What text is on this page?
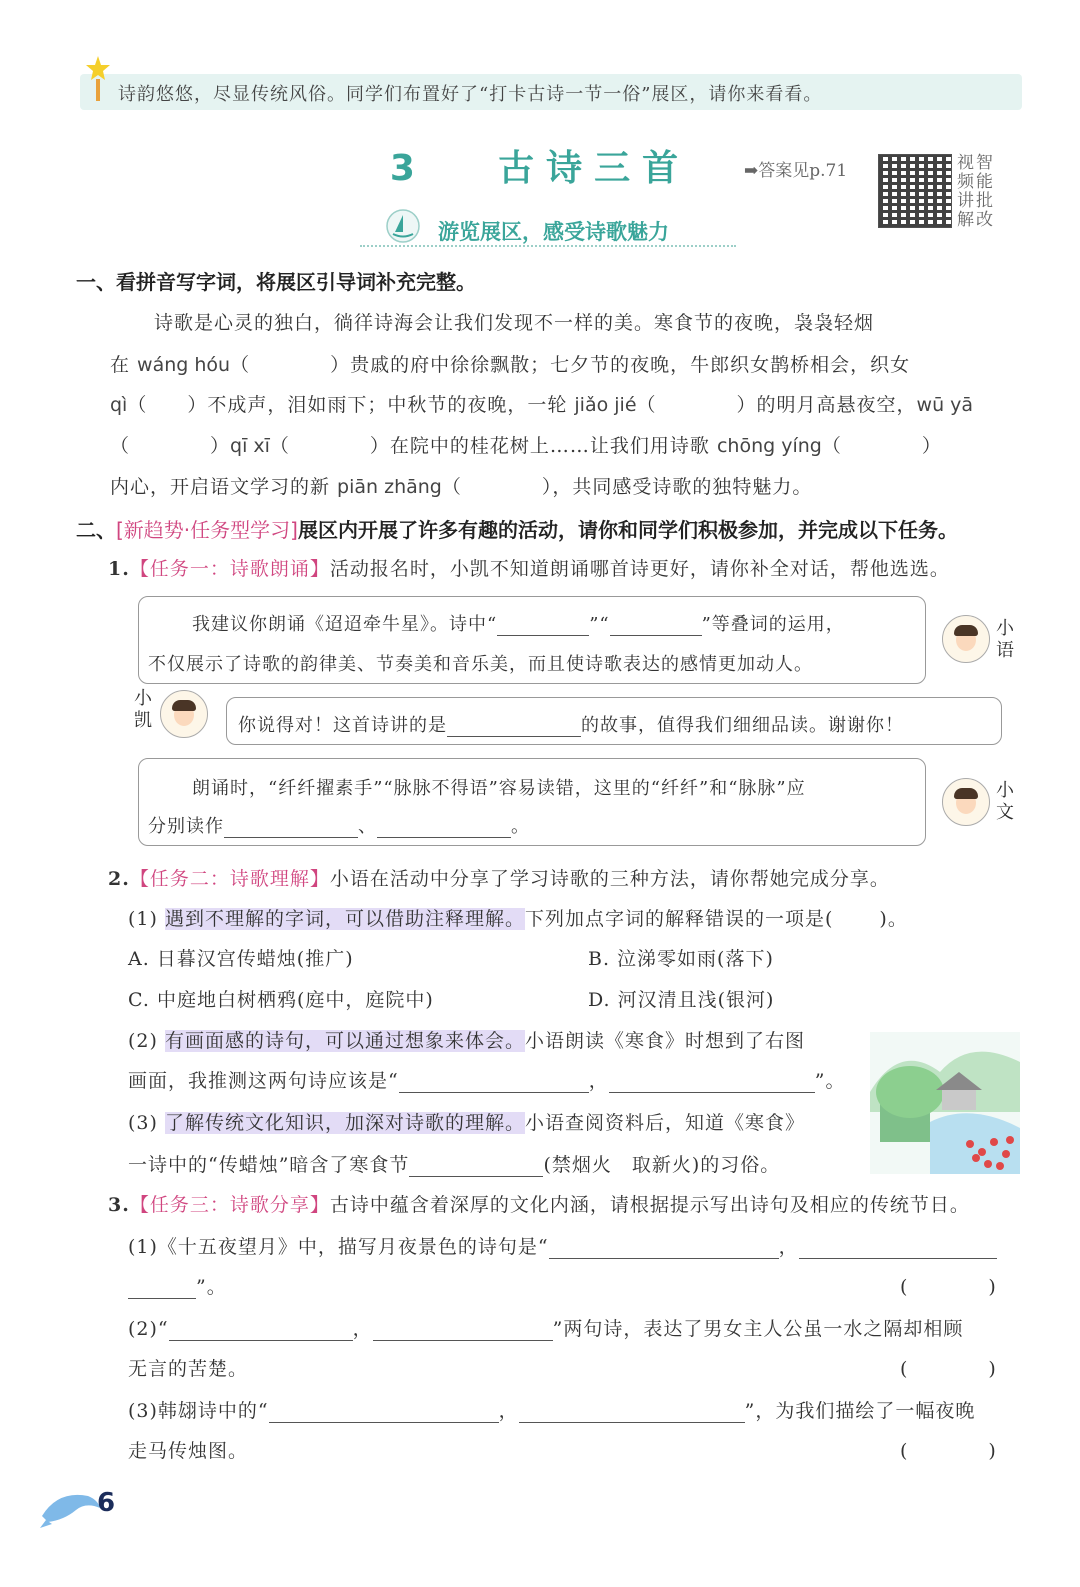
诗韵悠悠，尽显传统风俗。同学们布置好了“打卡古诗一节一俗”展区，请你来看看。
3 古诗三首	➡答案见p.71	视频讲解
智能批改
游览展区，感受诗歌魅力
一、看拼音写字词，将展区引导词补充完整。
诗歌是心灵的独白，徜徉诗海会让我们发现不一样的美。寒食节的夜晚，袅袅轻烟
在 wáng hóu（　　　　）贵戚的府中徐徐飘散；七夕节的夜晚，牛郎织女鹊桥相会，织女
qì（　　）不成声，泪如雨下；中秋节的夜晚，一轮 jiǎo jié（　　　　）的明月高悬夜空，wū yā
（　　　　）qī xī（　　　　）在院中的桂花树上……让我们用诗歌 chōng yíng（　　　　）
内心，开启语文学习的新 piān zhāng（　　　　），共同感受诗歌的独特魅力。
二、[新趋势·任务型学习]展区内开展了许多有趣的活动，请你和同学们积极参加，并完成以下任务。
1.【任务一：诗歌朗诵】活动报名时，小凯不知道朗诵哪首诗更好，请你补全对话，帮他选选。
我建议你朗诵《迢迢牵牛星》。诗中“	”“	”等叠词的运用，
不仅展示了诗歌的韵律美、节奏美和音乐美，而且使诗歌表达的感情更加动人。
小语
小凯	你说得对！这首诗讲的是	的故事，值得我们细细品读。谢谢你！
朗诵时，“纤纤擢素手”“脉脉不得语”容易读错，这里的“纤纤”和“脉脉”应
分别读作	、	。
小文
2.【任务二：诗歌理解】小语在活动中分享了学习诗歌的三种方法，请你帮她完成分享。
(1) 遇到不理解的字词，可以借助注释理解。下列加点字词的解释错误的一项是( )。
A. 日暮汉宫传蜡烛(推广)	B. 泣涕零如雨(落下)
C. 中庭地白树栖鸦(庭中，庭院中)	D. 河汉清且浅(银河)
(2) 有画面感的诗句，可以通过想象来体会。小语朗读《寒食》时想到了右图
画面，我推测这两句诗应该是“	，	”。
(3) 了解传统文化知识，加深对诗歌的理解。小语查阅资料后，知道《寒食》
一诗中的“传蜡烛”暗含了寒食节	(禁烟火　取新火)的习俗。
3.【任务三：诗歌分享】古诗中蕴含着深厚的文化内涵，请根据提示写出诗句及相应的传统节日。
(1)《十五夜望月》中，描写月夜景色的诗句是“	，
”。	(　　　　)
(2)“	，	”两句诗，表达了男女主人公虽一水之隔却相顾
无言的苦楚。	(　　　　)
(3)韩翃诗中的“	，	”，为我们描绘了一幅夜晚
走马传烛图。	(　　　　)
6
